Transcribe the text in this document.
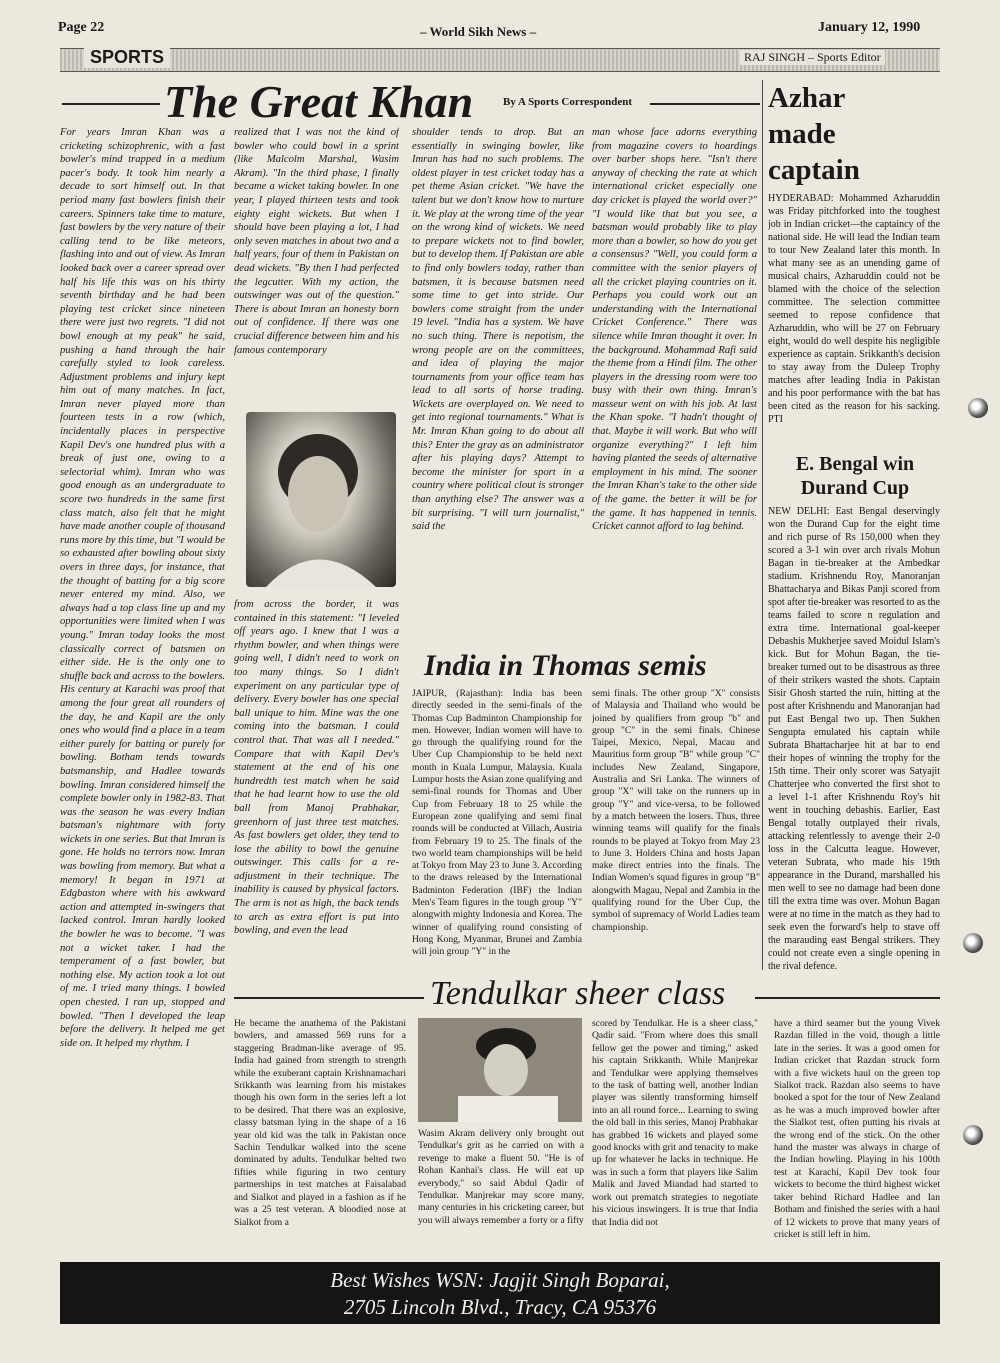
Page 22	– World Sikh News –	January 12, 1990
SPORTS	RAJ SINGH – Sports Editor
The Great Khan	By A Sports Correspondent
For years Imran Khan was a cricketing schizophrenic, with a fast bowler's mind trapped in a medium pacer's body. It took him nearly a decade to sort himself out. In that period many fast bowlers finish their careers. Spinners take time to mature, fast bowlers by the very nature of their calling tend to be like meteors, flashing into and out of view. As Imran looked back over a career spread over half his life this was on his thirty seventh birthday and he had been playing test cricket since nineteen there were just two regrets. "I did not bowl enough at my peak" he said, pushing a hand through the hair carefully styled to look careless. Adjustment problems and injury kept him out of many matches. In fact, Imran never played more than fourteen tests in a row (which, incidentally places in perspective Kapil Dev's one hundred plus with a break of just one, owing to a selectorial whim). Imran who was good enough as an undergraduate to score two hundreds in the same first class match, also felt that he might have made another couple of thousand runs more by this time, but "I would be so exhausted after bowling about sixty overs in three days, for instance, that the thought of batting for a big score never entered my mind. Also, we always had a top class line up and my opportunities were limited when I was young." Imran today looks the most classically correct of batsmen on either side. He is the only one to shuffle back and across to the bowlers. His century at Karachi was proof that among the four great all rounders of the day, he and Kapil are the only ones who would find a place in a team either purely for batting or purely for bowling. Botham tends towards batsmanship, and Hadlee towards bowling. Imran considered himself the complete bowler only in 1982-83. That was the season he was every Indian batsman's nightmare with forty wickets in one series. But that Imran is gone. He holds no terrors now. Imran was bowling from memory. But what a memory! It began in 1971 at Edgbaston where with his awkward action and attempted in-swingers that lacked control. Imran hardly looked the bowler he was to become. "I was not a wicket taker. I had the temperament of a fast bowler, but nothing else. My action took a lot out of me. I tried many things. I bowled open chested. I ran up, stopped and bowled. "Then I developed the leap before the delivery. It helped me get side on. It helped my rhythm. I
realized that I was not the kind of bowler who could bowl in a sprint (like Malcolm Marshal, Wasim Akram). "In the third phase, I finally became a wicket taking bowler. In one year, I played thirteen tests and took eighty eight wickets. But when I should have been playing a lot, I had only seven matches in about two and a half years, four of them in Pakistan on dead wickets. "By then I had perfected the legcutter. With my action, the outswinger was out of the question." There is about Imran an honesty born out of confidence. If there was one crucial difference between him and his famous contemporary
from across the border, it was contained in this statement: "I leveled off years ago. I knew that I was a rhythm bowler, and when things were going well, I didn't need to work on too many things. So I didn't experiment on any particular type of delivery. Every bowler has one special ball unique to him. Mine was the one coming into the batsman. I could control that. That was all I needed." Compare that with Kapil Dev's statement at the end of his one hundredth test match when he said that he had learnt how to use the old ball from Manoj Prabhakar, greenhorn of just three test matches. As fast bowlers get older, they tend to lose the ability to bowl the genuine outswinger. This calls for a re-adjustment in their technique. The inability is caused by physical factors. The arm is not as high, the back tends to arch as extra effort is put into bowling, and even the lead
shoulder tends to drop. But an essentially in swinging bowler, like Imran has had no such problems. The oldest player in test cricket today has a pet theme Asian cricket. "We have the talent but we don't know how to nurture it. We play at the wrong time of the year on the wrong kind of wickets. We need to prepare wickets not to find bowler, but to develop them. If Pakistan are able to find only bowlers today, rather than batsmen, it is because batsmen need some time to get into stride. Our bowlers come straight from the under 19 level. "India has a system. We have no such thing. There is nepotism, the wrong people are on the committees, and idea of playing the major tournaments from your office team has lead to all sorts of horse trading. Wickets are overplayed on. We need to get into regional tournaments." What is Mr. Imran Khan going to do about all this? Enter the gray as an administrator after his playing days? Attempt to become the minister for sport in a country where political clout is stronger than anything else? The answer was a bit surprising. "I will turn journalist," said the
man whose face adorns everything from magazine covers to hoardings over barber shops here. "Isn't there anyway of checking the rate at which international cricket especially one day cricket is played the world over?" "I would like that but you see, a batsman would probably like to play more than a bowler, so how do you get a consensus? "Well, you could form a committee with the senior players of all the cricket playing countries on it. Perhaps you could work out an understanding with the International Cricket Conference." There was silence while Imran thought it over. In the background. Mohammad Rafi said the theme from a Hindi film. The other players in the dressing room were too busy with their own thing. Imran's masseur went on with his job. At last the Khan spoke. "I hadn't thought of that. Maybe it will work. But who will organize everything?" I left him having planted the seeds of alternative employment in his mind. The sooner the Imran Khan's take to the other side of the game. the better it will be for the game. It has happened in tennis. Cricket cannot afford to lag behind.
Azhar made captain
HYDERABAD: Mohammed Azharuddin was Friday pitchforked into the toughest job in Indian cricket—the captaincy of the national side. He will lead the Indian team to tour New Zealand later this month. In what many see as an unending game of musical chairs, Azharuddin could not be blamed with the choice of the selection committee. The selection committee seemed to repose confidence that Azharuddin, who will be 27 on February eight, would do well despite his negligible experience as captain. Srikkanth's decision to stay away from the Duleep Trophy matches after leading India in Pakistan and his poor performance with the bat has been cited as the reason for his sacking. PTI
E. Bengal win Durand Cup
NEW DELHI: East Bengal deservingly won the Durand Cup for the eight time and rich purse of Rs 150,000 when they scored a 3-1 win over arch rivals Mohun Bagan in tie-breaker at the Ambedkar stadium. Krishnendu Roy, Manoranjan Bhattacharya and Bikas Panji scored from spot after tie-breaker was resorted to as the teams failed to score n regulation and extra time. International goal-keeper Debashis Mukherjee saved Moidul Islam's kick. But for Mohun Bagan, the tie-breaker turned out to be disastrous as three of their strikers wasted the shots. Captain Sisir Ghosh started the ruin, hitting at the post after Krishnendu and Manoranjan had put East Bengal two up. Then Sukhen Sengupta emulated his captain while Subrata Bhattacharjee hit at bar to end their hopes of winning the trophy for the 15th time. Their only scorer was Satyajit Chatterjee who converted the first shot to a level 1-1 after Krishnendu Roy's hit went in touching debashis. Earlier, East Bengal totally outplayed their rivals, attacking relentlessly to avenge their 2-0 loss in the Calcutta league. However, veteran Subrata, who made his 19th appearance in the Durand, marshalled his men well to see no damage had been done till the extra time was over. Mohun Bagan were at no time in the match as they had to seek even the forward's help to stave off the marauding east Bengal strikers. They could not create even a single opening in the rival defence.
India in Thomas semis
JAIPUR, (Rajasthan): India has been directly seeded in the semi-finals of the Thomas Cup Badminton Championship for men. However, Indian women will have to go through the qualifying round for the Uber Cup Championship to be held next month in Kuala Lumpur, Malaysia. Kuala Lumpur hosts the Asian zone qualifying and semi-final rounds for Thomas and Uber Cup from February 18 to 25 while the European zone qualifying and semi final rounds will be conducted at Villach, Austria from February 19 to 25. The finals of the two world team championships will be held at Tokyo from May 23 to June 3. According to the draws released by the International Badminton Federation (IBF) the Indian Men's Team figures in the tough group "Y" alongwith mighty Indonesia and Korea. The winner of qualifying round consisting of Hong Kong, Myanmar, Brunei and Zambia will join group "Y" in the
semi finals. The other group "X" consists of Malaysia and Thailand who would be joined by qualifiers from group "b" and group "C" in the semi finals. Chinese Taipei, Mexico, Nepal, Macau and Mauritius form group "B" while group "C" includes New Zealand, Singapore, Australia and Sri Lanka. The winners of group "X" will take on the runners up in group "Y" and vice-versa, to be followed by a match between the losers. Thus, three winning teams will qualify for the finals rounds to be played at Tokyo from May 23 to June 3. Holders China and hosts Japan make direct entries into the finals. The Indian Women's squad figures in group "B" alongwith Magau, Nepal and Zambia in the qualifying round for the Uber Cup, the symbol of supremacy of World Ladies team championship.
Tendulkar sheer class
He became the anathema of the Pakistani bowlers, and amassed 569 runs for a staggering Bradman-like average of 95. India had gained from strength to strength while the exuberant captain Krishnamachari Srikkanth was learning from his mistakes though his own form in the series left a lot to be desired. That there was an explosive, classy batsman lying in the shape of a 16 year old kid was the talk in Pakistan once Sachin Tendulkar walked into the scene dominated by adults. Tendulkar belted two fifties while figuring in two century partnerships in test matches at Faisalabad and Sialkot and played in a fashion as if he was a 25 test veteran. A bloodied nose at Sialkot from a
Wasim Akram delivery only brought out Tendulkar's grit as he carried on with a revenge to make a fluent 50. "He is of Rohan Kanhai's class. He will eat up everybody," so said Abdul Qadir of Tendulkar. Manjrekar may score many, many centuries in his cricketing career, but you will always remember a forty or a fifty
scored by Tendulkar. He is a sheer class," Qadir said. "From where does this small fellow get the power and timing," asked his captain Srikkanth. While Manjrekar and Tendulkar were applying themselves to the task of batting well, another Indian player was silently transforming himself into an all round force... Learning to swing the old ball in this series, Manoj Prabhakar has grabbed 16 wickets and played some good knocks with grit and tenacity to make up for whatever he lacks in technique. He was in such a form that players like Salim Malik and Javed Miandad had started to work out prematch strategies to negotiate his vicious inswingers. It is true that India that India did not
have a third seamer but the young Vivek Razdan filled in the void, though a little late in the series. It was a good omen for Indian cricket that Razdan struck form with a five wickets haul on the green top Sialkot track. Razdan also seems to have booked a spot for the tour of New Zealand as he was a much improved bowler after the Sialkot test, often putting his rivals at the wrong end of the stick. On the other hand the master was always in charge of the Indian bowling. Playing in his 100th test at Karachi, Kapil Dev took four wickets to become the third highest wicket taker behind Richard Hadlee and Ian Botham and finished the series with a haul of 12 wickets to prove that many years of cricket is still left in him.
Best Wishes WSN: Jagjit Singh Boparai,
2705 Lincoln Blvd., Tracy, CA 95376
